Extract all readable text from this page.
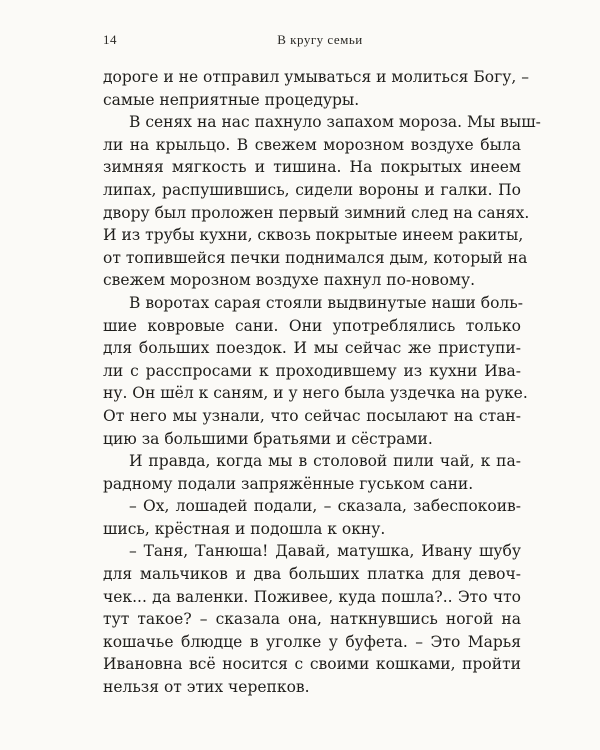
14	В кругу семьи

дороге и не отправил умываться и молиться Богу, –
самые неприятные процедуры.

В сенях на нас пахнуло запахом мороза. Мы выш-
ли на крыльцо. В свежем морозном воздухе была
зимняя мягкость и тишина. На покрытых инеем
липах, распушившись, сидели вороны и галки. По
двору был проложен первый зимний след на санях.
И из трубы кухни, сквозь покрытые инеем ракиты,
от топившейся печки поднимался дым, который на
свежем морозном воздухе пахнул по-новому.

В воротах сарая стояли выдвинутые наши боль-
шие ковровые сани. Они употреблялись только
для больших поездок. И мы сейчас же приступи-
ли с расспросами к проходившему из кухни Ива-
ну. Он шёл к саням, и у него была уздечка на руке.
От него мы узнали, что сейчас посылают на стан-
цию за большими братьями и сёстрами.

И правда, когда мы в столовой пили чай, к па-
радному подали запряжённые гуськом сани.

– Ох, лошадей подали, – сказала, забеспокоив-
шись, крёстная и подошла к окну.

– Таня, Танюша! Давай, матушка, Ивану шубу
для мальчиков и два больших платка для девоч-
чек... да валенки. Поживее, куда пошла?.. Это что
тут такое? – сказала она, наткнувшись ногой на
кошачье блюдце в уголке у буфета. – Это Марья
Ивановна всё носится с своими кошками, пройти
нельзя от этих черепков.
